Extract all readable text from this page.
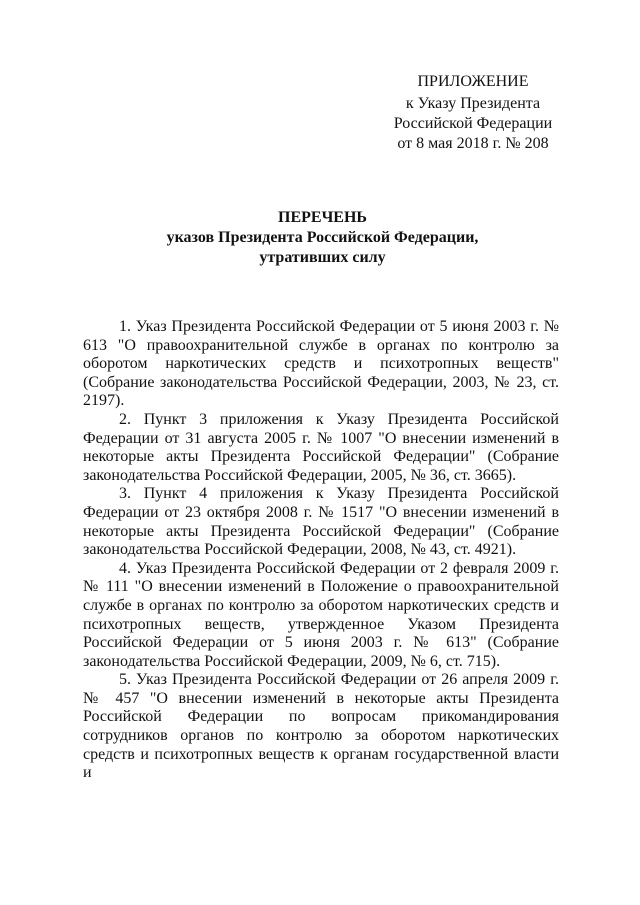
ПРИЛОЖЕНИЕ
к Указу Президента
Российской Федерации
от 8 мая 2018 г. № 208
ПЕРЕЧЕНЬ
указов Президента Российской Федерации,
утративших силу

1. Указ Президента Российской Федерации от 5 июня 2003 г. № 613 "О правоохранительной службе в органах по контролю за оборотом наркотических средств и психотропных веществ" (Собрание законодательства Российской Федерации, 2003, № 23, ст. 2197).

2. Пункт 3 приложения к Указу Президента Российской Федерации от 31 августа 2005 г. № 1007 "О внесении изменений в некоторые акты Президента Российской Федерации" (Собрание законодательства Российской Федерации, 2005, № 36, ст. 3665).

3. Пункт 4 приложения к Указу Президента Российской Федерации от 23 октября 2008 г. № 1517 "О внесении изменений в некоторые акты Президента Российской Федерации" (Собрание законодательства Российской Федерации, 2008, № 43, ст. 4921).

4. Указ Президента Российской Федерации от 2 февраля 2009 г. № 111 "О внесении изменений в Положение о правоохранительной службе в органах по контролю за оборотом наркотических средств и психотропных веществ, утвержденное Указом Президента Российской Федерации от 5 июня 2003 г. № 613" (Собрание законодательства Российской Федерации, 2009, № 6, ст. 715).

5. Указ Президента Российской Федерации от 26 апреля 2009 г. № 457 "О внесении изменений в некоторые акты Президента Российской Федерации по вопросам прикомандирования сотрудников органов по контролю за оборотом наркотических средств и психотропных веществ к органам государственной власти и
